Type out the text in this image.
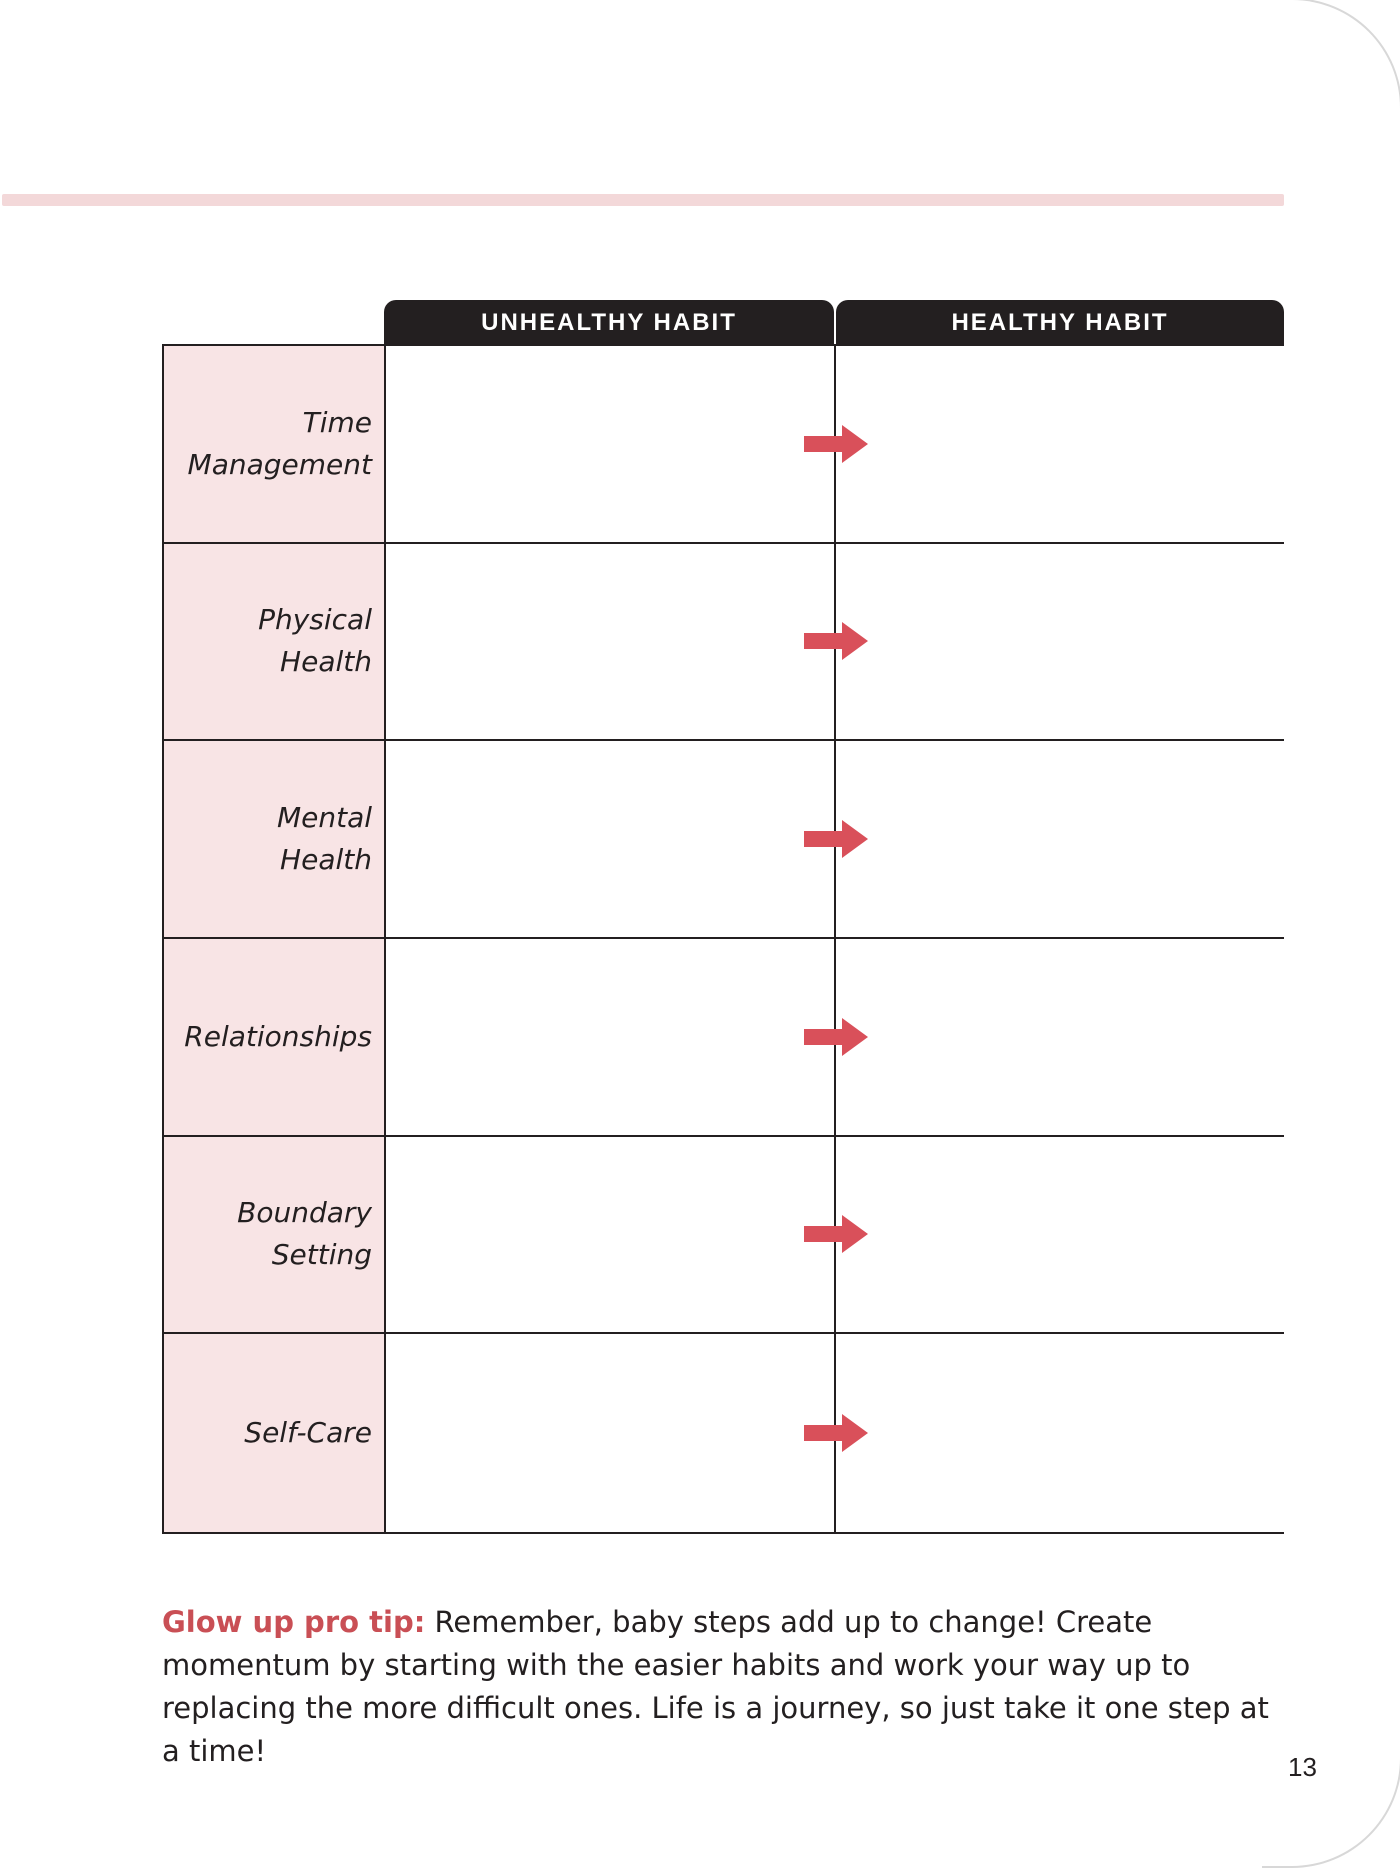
UNHEALTHY HABIT	HEALTHY HABIT
Time
Management
Physical
Health
Mental
Health
Relationships
Boundary
Setting
Self-Care

Glow up pro tip: Remember, baby steps add up to change! Create momentum by starting with the easier habits and work your way up to replacing the more difficult ones. Life is a journey, so just take it one step at a time!	13
